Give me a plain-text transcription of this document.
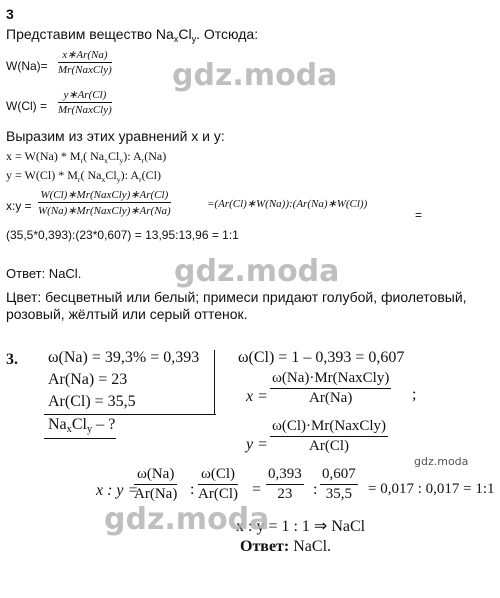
3
Представим вещество $Na_xCl_y$. Отсюда:
W(Na)=
x∗Ar(Na)
Mr(NaxCly)
W(Cl) =
y∗Ar(Cl)
Mr(NaxCly)
Выразим из этих уравнений x и y:
$x = W(Na) * M_r$( $Na_xCl_y$): $A_r(Na)$
$y = W(Cl) * M_r$( $Na_xCl_y$): $A_r(Cl)$
x:y =
W(Cl)∗Mr(NaxCly)∗Ar(Cl)
W(Na)∗Mr(NaxCly)∗Ar(Na)
=(Ar(Cl)∗W(Na)):(Ar(Na)∗W(Cl))
=
(35,5*0,393):(23*0,607) = 13,95:13,96 = 1:1
Ответ: NaCl.
Цвет: бесцветный или белый; примеси придают голубой, фиолетовый,
розовый, жёлтый или серый оттенок.
3. ω(Na) = 39,3% = 0,393
Ar(Na) = 23
Ar(Cl) = 35,5
$Na_xCl_y$ – ?
ω(Cl) = 1 – 0,393 = 0,607
x =
ω(Na)·Mr(NaxCly)
Ar(Na)	;
y =
ω(Cl)·Mr(NaxCly)
Ar(Cl)
x : y =
$\frac{\omega(Na)}{Ar(Na)}$ : $\frac{\omega(Cl)}{Ar(Cl)} = \frac{0,393}{23}$ : $\frac{0,607}{35,5} = 0,017$ : 0,017 = 1:1
x : y = 1 : 1 ⇒ NaCl
Ответ: NaCl.
gdz.moda
gdz.moda
gdz.moda
gdz.moda
